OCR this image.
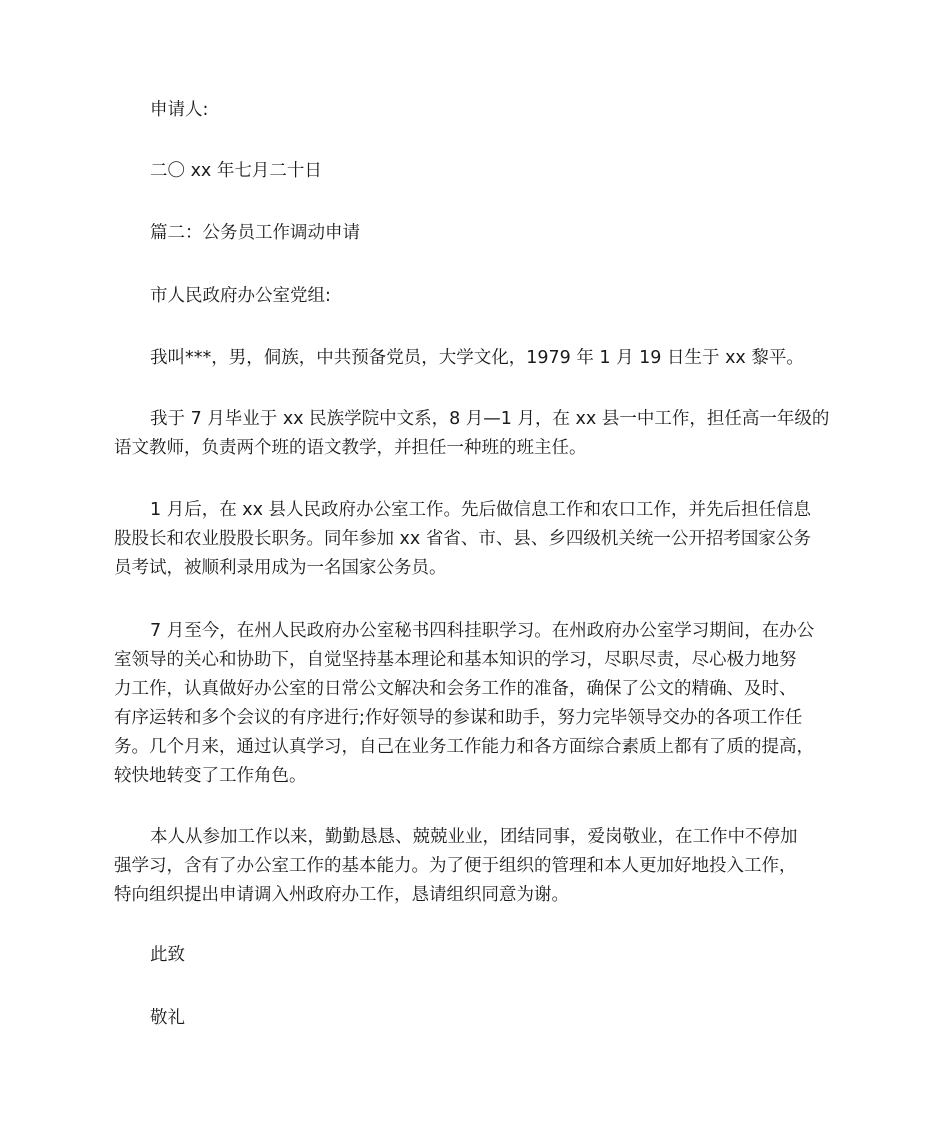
申请人:
二〇 xx 年七月二十日
篇二：公务员工作调动申请
市人民政府办公室党组:
我叫***，男，侗族，中共预备党员，大学文化，1979 年 1 月 19 日生于 xx 黎平。
我于 7 月毕业于 xx 民族学院中文系，8 月—1 月，在 xx 县一中工作，担任高一年级的
语文教师，负责两个班的语文教学，并担任一种班的班主任。
1 月后，在 xx 县人民政府办公室工作。先后做信息工作和农口工作，并先后担任信息
股股长和农业股股长职务。同年参加 xx 省省、市、县、乡四级机关统一公开招考国家公务
员考试，被顺利录用成为一名国家公务员。
7 月至今，在州人民政府办公室秘书四科挂职学习。在州政府办公室学习期间，在办公
室领导的关心和协助下，自觉坚持基本理论和基本知识的学习，尽职尽责，尽心极力地努
力工作，认真做好办公室的日常公文解决和会务工作的准备，确保了公文的精确、及时、
有序运转和多个会议的有序进行;作好领导的参谋和助手，努力完毕领导交办的各项工作任
务。几个月来，通过认真学习，自己在业务工作能力和各方面综合素质上都有了质的提高，
较快地转变了工作角色。
本人从参加工作以来，勤勤恳恳、兢兢业业，团结同事，爱岗敬业，在工作中不停加
强学习，含有了办公室工作的基本能力。为了便于组织的管理和本人更加好地投入工作，
特向组织提出申请调入州政府办工作，恳请组织同意为谢。
此致
敬礼
